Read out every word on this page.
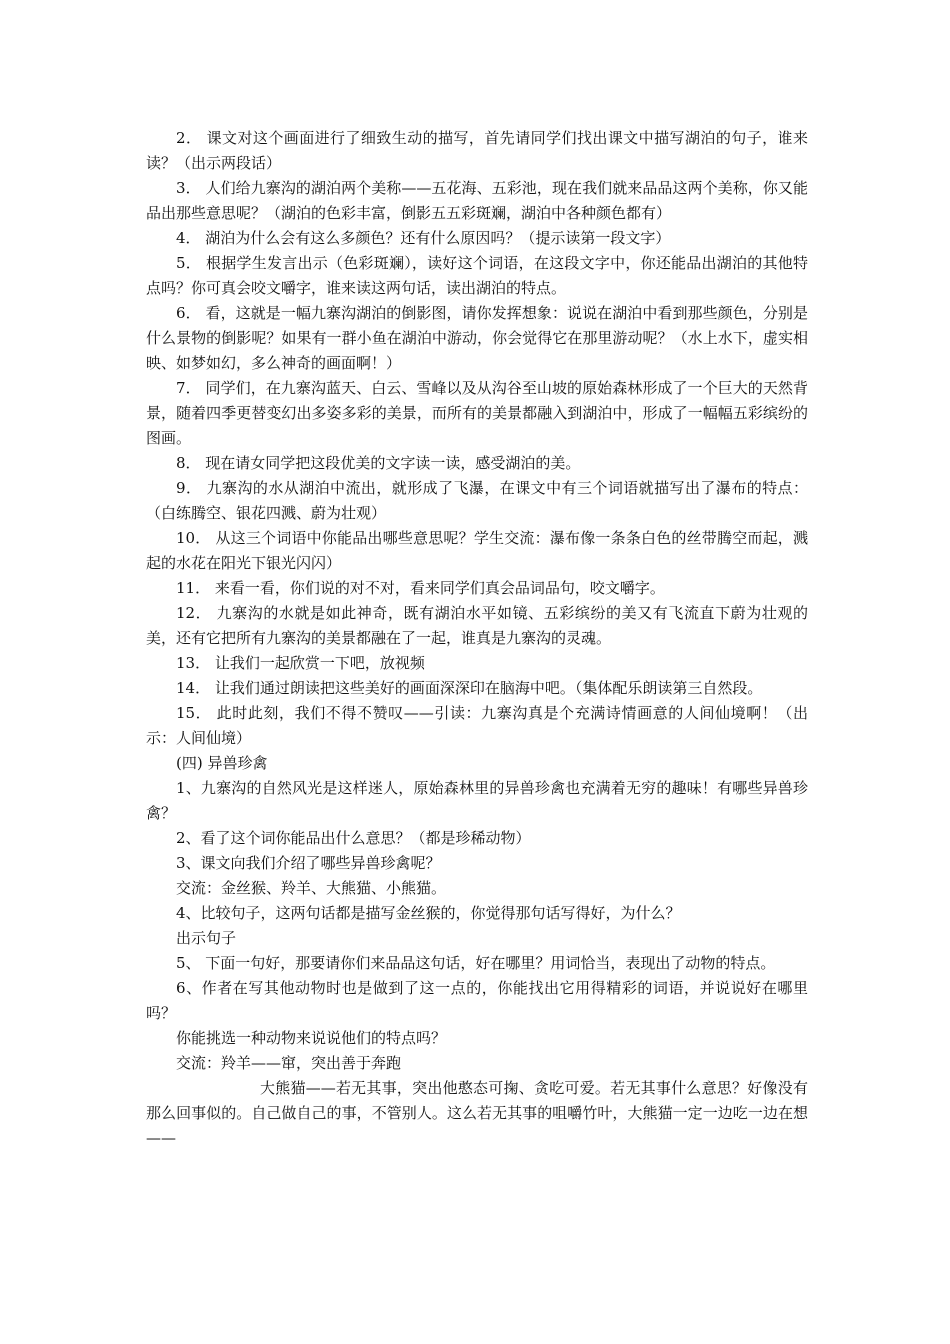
2． 课文对这个画面进行了细致生动的描写，首先请同学们找出课文中描写湖泊的句子，谁来读？（出示两段话）

3． 人们给九寨沟的湖泊两个美称——五花海、五彩池，现在我们就来品品这两个美称，你又能品出那些意思呢？（湖泊的色彩丰富，倒影五五彩斑斓，湖泊中各种颜色都有）

4． 湖泊为什么会有这么多颜色？还有什么原因吗？（提示读第一段文字）

5． 根据学生发言出示（色彩斑斓），读好这个词语，在这段文字中，你还能品出湖泊的其他特点吗？你可真会咬文嚼字，谁来读这两句话，读出湖泊的特点。

6． 看，这就是一幅九寨沟湖泊的倒影图，请你发挥想象：说说在湖泊中看到那些颜色，分别是什么景物的倒影呢？如果有一群小鱼在湖泊中游动，你会觉得它在那里游动呢？（水上水下，虚实相映、如梦如幻，多么神奇的画面啊！）

7． 同学们，在九寨沟蓝天、白云、雪峰以及从沟谷至山坡的原始森林形成了一个巨大的天然背景，随着四季更替变幻出多姿多彩的美景，而所有的美景都融入到湖泊中，形成了一幅幅五彩缤纷的图画。

8． 现在请女同学把这段优美的文字读一读，感受湖泊的美。

9． 九寨沟的水从湖泊中流出，就形成了飞瀑，在课文中有三个词语就描写出了瀑布的特点：（白练腾空、银花四溅、蔚为壮观）

10． 从这三个词语中你能品出哪些意思呢？学生交流：瀑布像一条条白色的丝带腾空而起，溅起的水花在阳光下银光闪闪）

11． 来看一看，你们说的对不对，看来同学们真会品词品句，咬文嚼字。

12． 九寨沟的水就是如此神奇，既有湖泊水平如镜、五彩缤纷的美又有飞流直下蔚为壮观的美，还有它把所有九寨沟的美景都融在了一起，谁真是九寨沟的灵魂。

13． 让我们一起欣赏一下吧，放视频

14． 让我们通过朗读把这些美好的画面深深印在脑海中吧。（集体配乐朗读第三自然段。

15． 此时此刻，我们不得不赞叹——引读：九寨沟真是个充满诗情画意的人间仙境啊！（出示：人间仙境）

(四) 异兽珍禽

1、九寨沟的自然风光是这样迷人，原始森林里的异兽珍禽也充满着无穷的趣味！有哪些异兽珍禽？

2、看了这个词你能品出什么意思？（都是珍稀动物）

3、课文向我们介绍了哪些异兽珍禽呢？

交流：金丝猴、羚羊、大熊猫、小熊猫。

4、比较句子，这两句话都是描写金丝猴的，你觉得那句话写得好，为什么？

出示句子

5、 下面一句好，那要请你们来品品这句话，好在哪里？用词恰当，表现出了动物的特点。

6、作者在写其他动物时也是做到了这一点的，你能找出它用得精彩的词语，并说说好在哪里吗？

你能挑选一种动物来说说他们的特点吗？

交流：羚羊——窜，突出善于奔跑

大熊猫——若无其事，突出他憨态可掬、贪吃可爱。若无其事什么意思？好像没有那么回事似的。自己做自己的事，不管别人。这么若无其事的咀嚼竹叶，大熊猫一定一边吃一边在想——
